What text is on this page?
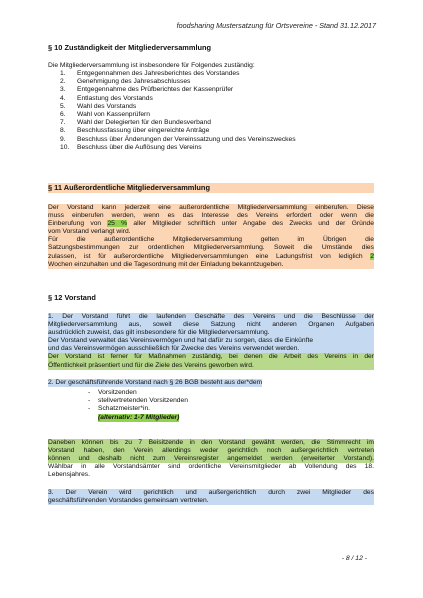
foodsharing Mustersatzung für Ortsvereine - Stand 31.12.2017
§ 10 Zuständigkeit der Mitgliederversammlung
Die Mitgliederversammlung ist insbesondere für Folgendes zuständig:
1.	Entgegennahmen des Jahresberichtes des Vorstandes
2.	Genehmigung des Jahresabschlusses
3.	Entgegennahme des Prüfberichtes der Kassenprüfer
4.	Entlastung des Vorstands
5.	Wahl des Vorstands
6.	Wahl von Kassenprüfern
7.	Wahl der Delegierten für den Bundesverband
8.	Beschlussfassung über eingereichte Anträge
9.	Beschluss über Änderungen der Vereinssatzung und des Vereinszweckes
10.	Beschluss über die Auflösung des Vereins
§ 11 Außerordentliche Mitgliederversammlung
Der Vorstand kann jederzeit eine außerordentliche Mitgliederversammlung einberufen. Diese
muss einberufen werden, wenn es das Interesse des Vereins erfordert oder wenn die
Einberufung von 25 % aller Mitglieder schriftlich unter Angabe des Zwecks und der Gründe
vom Vorstand verlangt wird.
Für die außerordentliche Mitgliederversammlung gelten im Übrigen die
Satzungsbestimmungen zur ordentlichen Mitgliederversammlung. Soweit die Umstände dies
zulassen, ist für außerordentliche Mitgliederversammlungen eine Ladungsfrist von lediglich 2
Wochen einzuhalten und die Tagesordnung mit der Einladung bekanntzugeben.
§ 12 Vorstand
1. Der Vorstand führt die laufenden Geschäfte des Vereins und die Beschlüsse der
Mitgliederversammlung aus, soweit diese Satzung nicht anderen Organen Aufgaben
ausdrücklich zuweist, das gilt insbesondere für die Mitgliederversammlung.
Der Vorstand verwaltet das Vereinsvermögen und hat dafür zu sorgen, dass die Einkünfte
und das Vereinsvermögen ausschließlich für Zwecke des Vereins verwendet werden.
Der Vorstand ist ferner für Maßnahmen zuständig, bei denen die Arbeit des Vereins in der
Öffentlichkeit präsentiert und für die Ziele des Vereins geworben wird.
2. Der geschäftsführende Vorstand nach § 26 BGB besteht aus der*dem
-	Vorsitzenden
-	stellvertretenden Vorsitzenden
-	Schatzmeister*in.
(alternativ: 1-7 Mitglieder)
Daneben können bis zu 7 Beisitzende in den Vorstand gewählt werden, die Stimmrecht im
Vorstand haben, den Verein allerdings weder gerichtlich noch außergerichtlich vertreten
können und deshalb nicht zum Vereinsregister angemeldet werden (erweiterter Vorstand).
Wählbar in alle Vorstandsämter sind ordentliche Vereinsmitglieder ab Vollendung des 18.
Lebensjahres.
3. Der Verein wird gerichtlich und außergerichtlich durch zwei Mitglieder des
geschäftsführenden Vorstandes gemeinsam vertreten.
- 8 / 12 -
